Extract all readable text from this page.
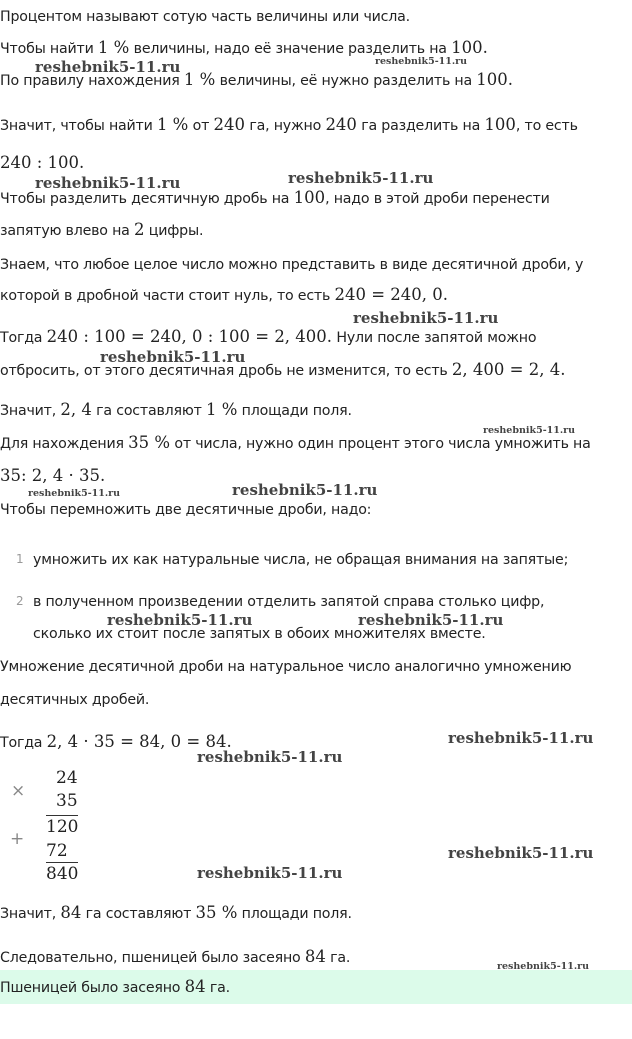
Процентом называют сотую часть величины или числа.
Чтобы найти 1 % величины, надо её значение разделить на 100.
По правилу нахождения 1 % величины, её нужно разделить на 100.
Значит, чтобы найти 1 % от 240 га, нужно 240 га разделить на 100, то есть
240 : 100.
Чтобы разделить десятичную дробь на 100, надо в этой дроби перенести
запятую влево на 2 цифры.
Знаем, что любое целое число можно представить в виде десятичной дроби, у
которой в дробной части стоит нуль, то есть 240 = 240, 0.
Тогда 240 : 100 = 240, 0 : 100 = 2, 400. Нули после запятой можно
отбросить, от этого десятичная дробь не изменится, то есть 2, 400 = 2, 4.
Значит, 2, 4 га составляют 1 % площади поля.
Для нахождения 35 % от числа, нужно один процент этого числа умножить на
35: 2, 4 · 35.
Чтобы перемножить две десятичные дроби, надо:
Умножение десятичной дроби на натуральное число аналогично умножению
десятичных дробей.
Тогда 2, 4 · 35 = 84, 0 = 84.
Значит, 84 га составляют 35 % площади поля.
Следовательно, пшеницей было засеяно 84 га.
1 умножить их как натуральные числа, не обращая внимания на запятые;
2 в полученном произведении отделить запятой справа столько цифр,
сколько их стоит после запятых в обоих множителях вместе.
24
× 35
120
+
72
840
Пшеницей было засеяно 84 га.
reshebnik5-11.ru	reshebnik5-11.ru
reshebnik5-11.ru	reshebnik5-11.ru
reshebnik5-11.ru
reshebnik5-11.ru
reshebnik5-11.ru
reshebnik5-11.ru	reshebnik5-11.ru
reshebnik5-11.ru	reshebnik5-11.ru
reshebnik5-11.ru
reshebnik5-11.ru
reshebnik5-11.ru
reshebnik5-11.ru
reshebnik5-11.ru
